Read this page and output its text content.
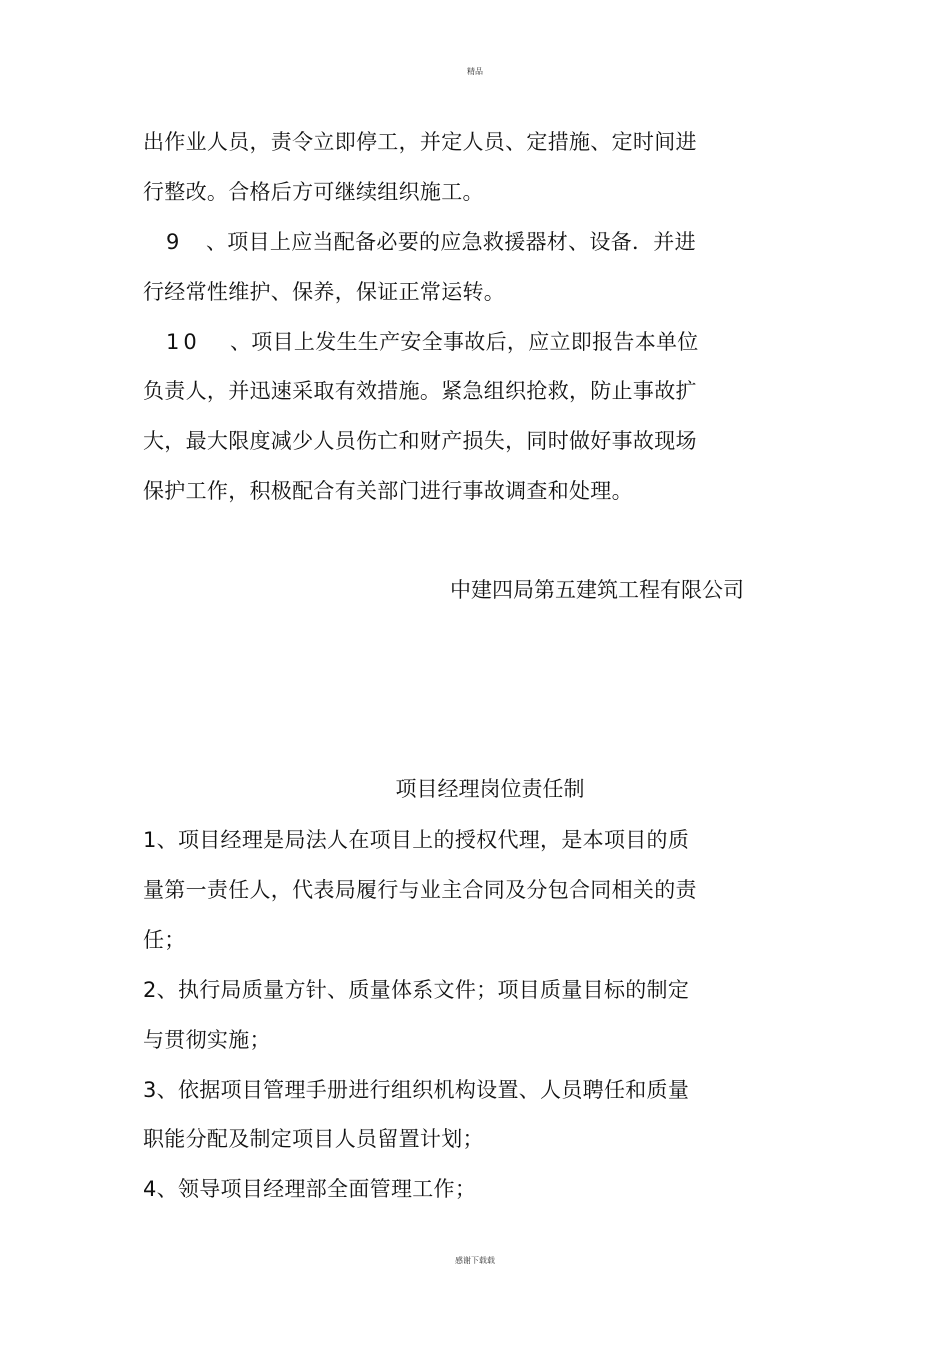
精品
出作业人员，责令立即停工，并定人员、定措施、定时间进
行整改。合格后方可继续组织施工。
9 、项目上应当配备必要的应急救援器材、设备．并进
行经常性维护、保养，保证正常运转。
10 、项目上发生生产安全事故后，应立即报告本单位
负责人，并迅速采取有效措施。紧急组织抢救，防止事故扩
大，最大限度减少人员伤亡和财产损失，同时做好事故现场
保护工作，积极配合有关部门进行事故调查和处理。
中建四局第五建筑工程有限公司
项目经理岗位责任制
1、项目经理是局法人在项目上的授权代理，是本项目的质
量第一责任人，代表局履行与业主合同及分包合同相关的责
任；
2、执行局质量方针、质量体系文件；项目质量目标的制定
与贯彻实施；
3、依据项目管理手册进行组织机构设置、人员聘任和质量
职能分配及制定项目人员留置计划；
4、领导项目经理部全面管理工作；
感谢下载载
